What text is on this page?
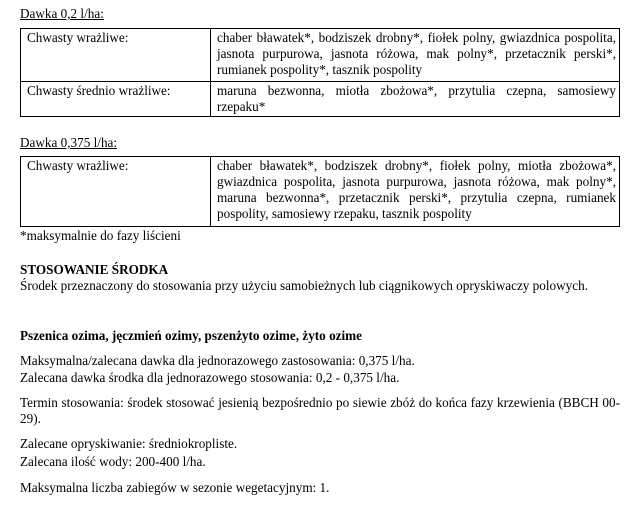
Dawka 0,2 l/ha:
Chwasty wrażliwe:	chaber bławatek*, bodziszek drobny*, fiołek polny, gwiazdnica pospolita, jasnota purpurowa, jasnota różowa, mak polny*, przetacznik perski*, rumianek pospolity*, tasznik pospolity
Chwasty średnio wrażliwe:	maruna bezwonna, miotła zbożowa*, przytulia czepna, samosiewy rzepaku*
Dawka 0,375 l/ha:
Chwasty wrażliwe:	chaber bławatek*, bodziszek drobny*, fiołek polny, miotła zbożowa*, gwiazdnica pospolita, jasnota purpurowa, jasnota różowa, mak polny*, maruna bezwonna*, przetacznik perski*, przytulia czepna, rumianek pospolity, samosiewy rzepaku, tasznik pospolity
*maksymalnie do fazy liścieni
STOSOWANIE ŚRODKA
Środek przeznaczony do stosowania przy użyciu samobieżnych lub ciągnikowych opryskiwaczy polowych.
Pszenica ozima, jęczmień ozimy, pszenżyto ozime, żyto ozime
Maksymalna/zalecana dawka dla jednorazowego zastosowania: 0,375 l/ha.
Zalecana dawka środka dla jednorazowego stosowania: 0,2 - 0,375 l/ha.
Termin stosowania: środek stosować jesienią bezpośrednio po siewie zbóż do końca fazy krzewienia (BBCH 00-29).
Zalecane opryskiwanie: średniokropliste.
Zalecana ilość wody: 200-400 l/ha.
Maksymalna liczba zabiegów w sezonie wegetacyjnym: 1.
